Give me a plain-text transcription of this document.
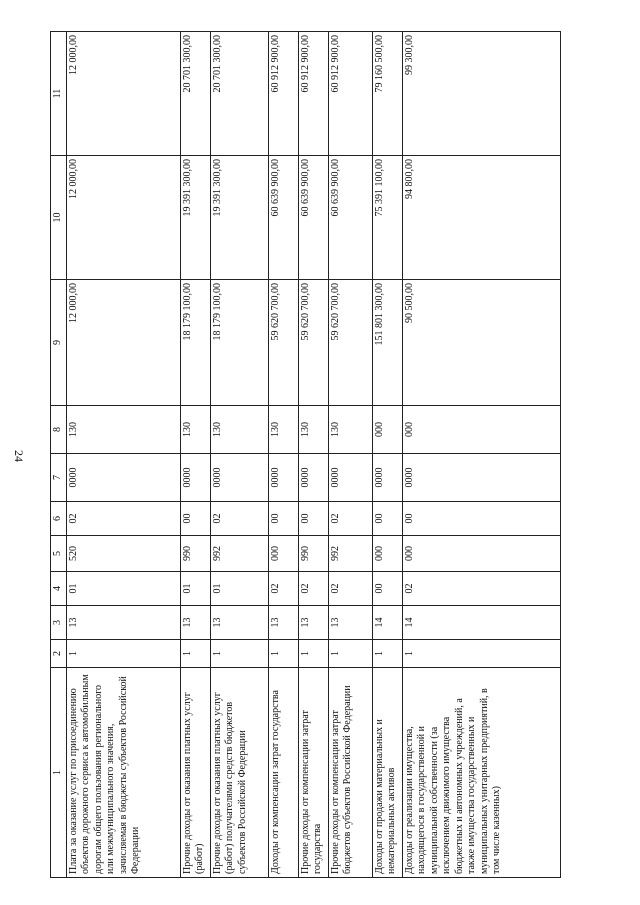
24
1	2	3	4	5	6	7	8	9	10	11
Плата за оказание услуг по присоединению объектов дорожного сервиса к автомобильным дорогам общего пользования регионального или межмуниципального значения, зачисляемая в бюджеты субъектов Российской Федерации	1	13	01	520	02	0000	130	12 000,00	12 000,00	12 000,00
Прочие доходы от оказания платных услуг (работ)	1	13	01	990	00	0000	130	18 179 100,00	19 391 300,00	20 701 300,00
Прочие доходы от оказания платных услуг (работ) получателями средств бюджетов субъектов Российской Федерации	1	13	01	992	02	0000	130	18 179 100,00	19 391 300,00	20 701 300,00
Доходы от компенсации затрат государства	1	13	02	000	00	0000	130	59 620 700,00	60 639 900,00	60 912 900,00
Прочие доходы от компенсации затрат государства	1	13	02	990	00	0000	130	59 620 700,00	60 639 900,00	60 912 900,00
Прочие доходы от компенсации затрат бюджетов субъектов Российской Федерации	1	13	02	992	02	0000	130	59 620 700,00	60 639 900,00	60 912 900,00
Доходы от продажи материальных и нематериальных активов	1	14	00	000	00	0000	000	151 801 300,00	75 391 100,00	79 160 500,00
Доходы от реализации имущества, находящегося в государственной и муниципальной собственности (за исключением движимого имущества бюджетных и автономных учреждений, а также имущества государственных и муниципальных унитарных предприятий, в том числе казенных)	1	14	02	000	00	0000	000	90 500,00	94 800,00	99 300,00
